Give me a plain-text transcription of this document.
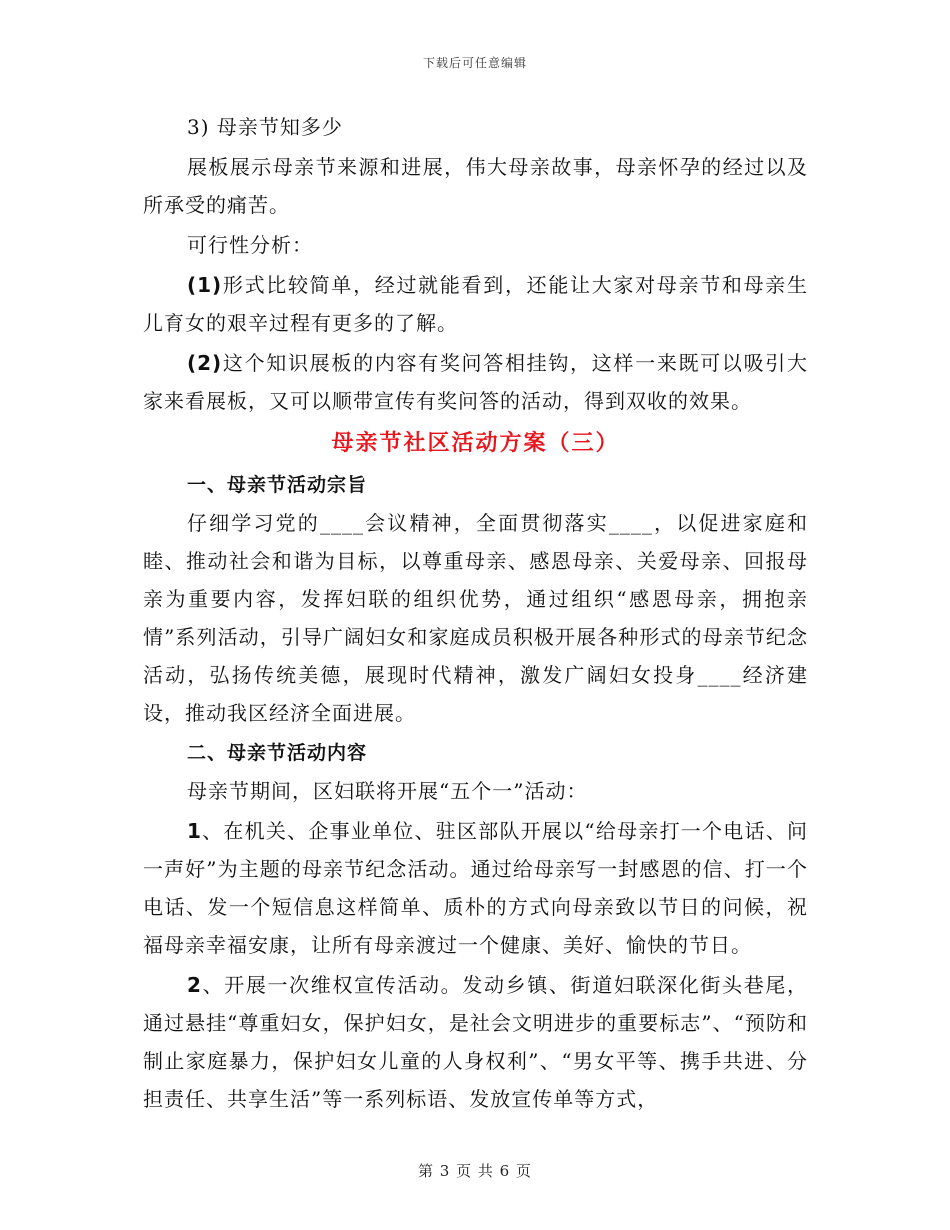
下载后可任意编辑

3) 母亲节知多少

展板展示母亲节来源和进展，伟大母亲故事，母亲怀孕的经过以及所承受的痛苦。

可行性分析：

(1)形式比较简单，经过就能看到，还能让大家对母亲节和母亲生儿育女的艰辛过程有更多的了解。

(2)这个知识展板的内容有奖问答相挂钩，这样一来既可以吸引大家来看展板，又可以顺带宣传有奖问答的活动，得到双收的效果。

母亲节社区活动方案（三）

一、母亲节活动宗旨

仔细学习党的____会议精神，全面贯彻落实____，以促进家庭和睦、推动社会和谐为目标，以尊重母亲、感恩母亲、关爱母亲、回报母亲为重要内容，发挥妇联的组织优势，通过组织“感恩母亲，拥抱亲情”系列活动，引导广阔妇女和家庭成员积极开展各种形式的母亲节纪念活动，弘扬传统美德，展现时代精神，激发广阔妇女投身____经济建设，推动我区经济全面进展。

二、母亲节活动内容

母亲节期间，区妇联将开展“五个一”活动：

1、在机关、企事业单位、驻区部队开展以“给母亲打一个电话、问一声好”为主题的母亲节纪念活动。通过给母亲写一封感恩的信、打一个电话、发一个短信息这样简单、质朴的方式向母亲致以节日的问候，祝福母亲幸福安康，让所有母亲渡过一个健康、美好、愉快的节日。

2、开展一次维权宣传活动。发动乡镇、街道妇联深化街头巷尾，通过悬挂“尊重妇女，保护妇女，是社会文明进步的重要标志”、“预防和制止家庭暴力，保护妇女儿童的人身权利”、“男女平等、携手共进、分担责任、共享生活”等一系列标语、发放宣传单等方式，

第 3 页 共 6 页
